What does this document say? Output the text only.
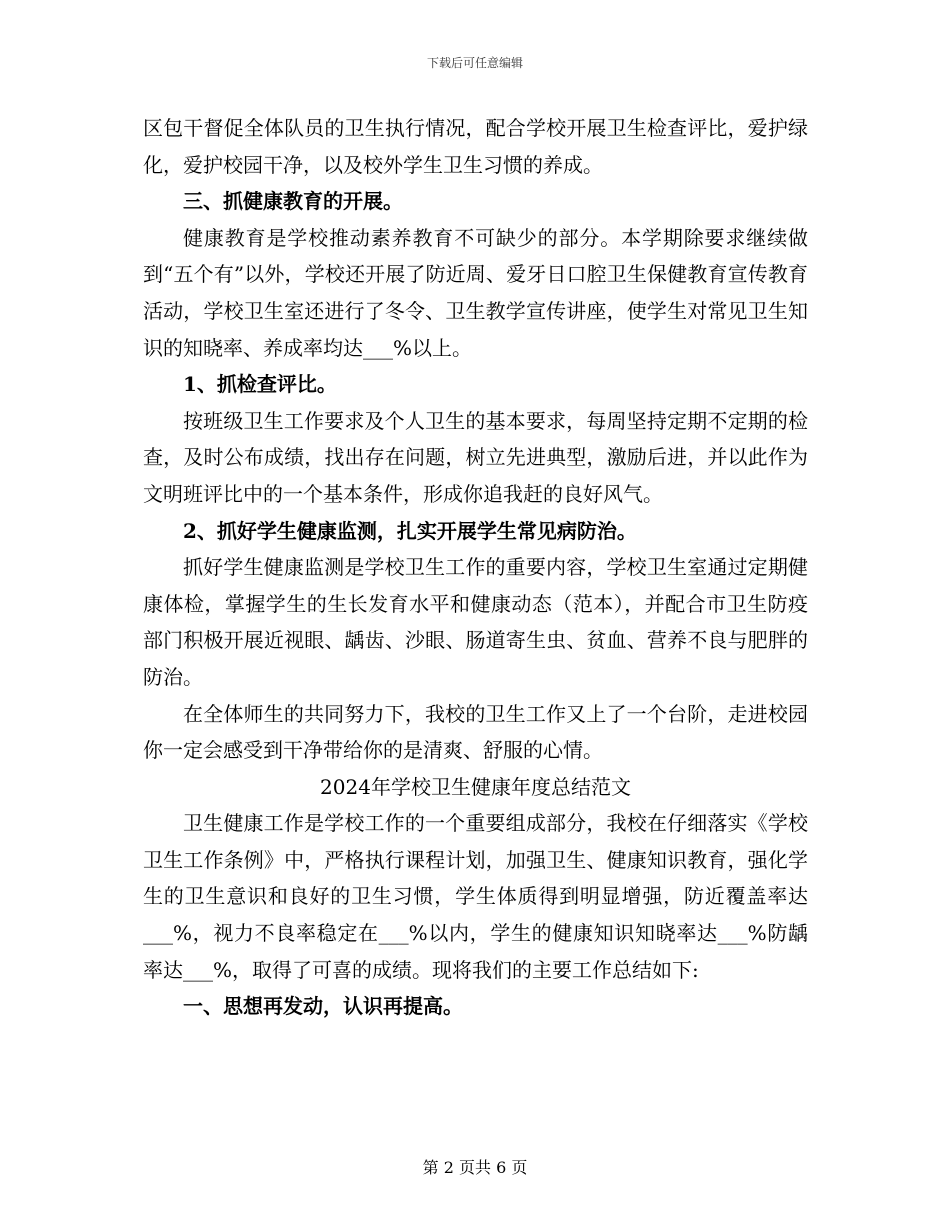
下载后可任意编辑

区包干督促全体队员的卫生执行情况，配合学校开展卫生检查评比，爱护绿化，爱护校园干净，以及校外学生卫生习惯的养成。

三、抓健康教育的开展。

健康教育是学校推动素养教育不可缺少的部分。本学期除要求继续做到“五个有”以外，学校还开展了防近周、爱牙日口腔卫生保健教育宣传教育活动，学校卫生室还进行了冬令、卫生教学宣传讲座，使学生对常见卫生知识的知晓率、养成率均达___%以上。

1、抓检查评比。

按班级卫生工作要求及个人卫生的基本要求，每周坚持定期不定期的检查，及时公布成绩，找出存在问题，树立先进典型，激励后进，并以此作为文明班评比中的一个基本条件，形成你追我赶的良好风气。

2、抓好学生健康监测，扎实开展学生常见病防治。

抓好学生健康监测是学校卫生工作的重要内容，学校卫生室通过定期健康体检，掌握学生的生长发育水平和健康动态（范本），并配合市卫生防疫部门积极开展近视眼、龋齿、沙眼、肠道寄生虫、贫血、营养不良与肥胖的防治。

在全体师生的共同努力下，我校的卫生工作又上了一个台阶，走进校园你一定会感受到干净带给你的是清爽、舒服的心情。

2024年学校卫生健康年度总结范文

卫生健康工作是学校工作的一个重要组成部分，我校在仔细落实《学校卫生工作条例》中，严格执行课程计划，加强卫生、健康知识教育，强化学生的卫生意识和良好的卫生习惯，学生体质得到明显增强，防近覆盖率达___%，视力不良率稳定在___%以内，学生的健康知识知晓率达___%防龋率达___%，取得了可喜的成绩。现将我们的主要工作总结如下:

一、思想再发动，认识再提高。

第 2 页共 6 页
